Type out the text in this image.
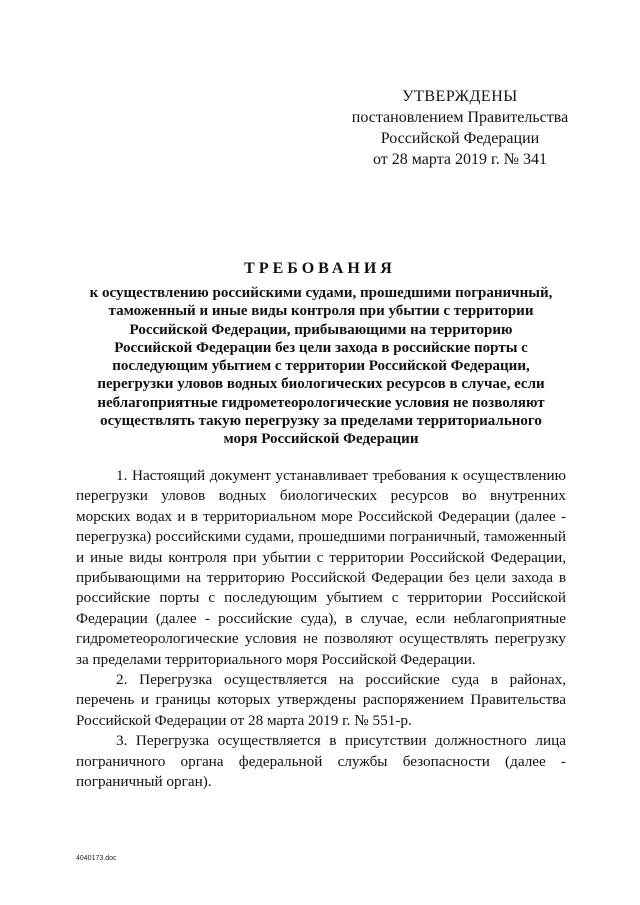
УТВЕРЖДЕНЫ
постановлением Правительства
Российской Федерации
от 28 марта 2019 г. № 341
ТРЕБОВАНИЯ
к осуществлению российскими судами, прошедшими пограничный,
таможенный и иные виды контроля при убытии с территории
Российской Федерации, прибывающими на территорию
Российской Федерации без цели захода в российские порты с
последующим убытием с территории Российской Федерации,
перегрузки уловов водных биологических ресурсов в случае, если
неблагоприятные гидрометеорологические условия не позволяют
осуществлять такую перегрузку за пределами территориального
моря Российской Федерации

1. Настоящий документ устанавливает требования к осуществлению перегрузки уловов водных биологических ресурсов во внутренних морских водах и в территориальном море Российской Федерации (далее - перегрузка) российскими судами, прошедшими пограничный, таможенный и иные виды контроля при убытии с территории Российской Федерации, прибывающими на территорию Российской Федерации без цели захода в российские порты с последующим убытием с территории Российской Федерации (далее - российские суда), в случае, если неблагоприятные гидрометеорологические условия не позволяют осуществлять перегрузку за пределами территориального моря Российской Федерации.

2. Перегрузка осуществляется на российские суда в районах, перечень и границы которых утверждены распоряжением Правительства Российской Федерации от 28 марта 2019 г. № 551-р.

3. Перегрузка осуществляется в присутствии должностного лица пограничного органа федеральной службы безопасности (далее - пограничный орган).

4040173.doc
